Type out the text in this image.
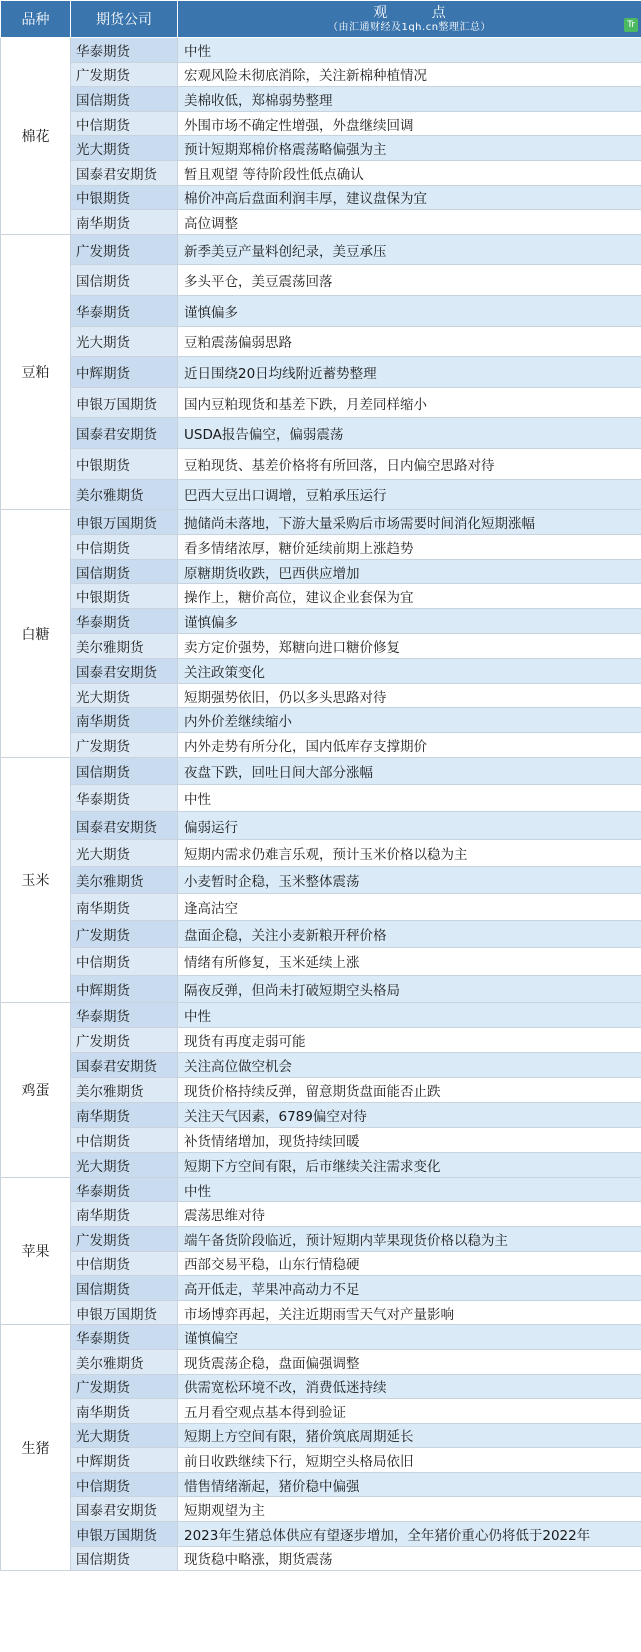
品种	期货公司	观 点
（由汇通财经及1qh.cn整理汇总）

棉花	华泰期货	中性
	广发期货	宏观风险未彻底消除，关注新棉种植情况
	国信期货	美棉收低，郑棉弱势整理
	中信期货	外围市场不确定性增强，外盘继续回调
	光大期货	预计短期郑棉价格震荡略偏强为主
	国泰君安期货	暂且观望 等待阶段性低点确认
	中银期货	棉价冲高后盘面利润丰厚，建议盘保为宜
	南华期货	高位调整
豆粕	广发期货	新季美豆产量料创纪录，美豆承压
	国信期货	多头平仓，美豆震荡回落
	华泰期货	谨慎偏多
	光大期货	豆粕震荡偏弱思路
	中辉期货	近日围绕20日均线附近蓄势整理
	申银万国期货	国内豆粕现货和基差下跌，月差同样缩小
	国泰君安期货	USDA报告偏空，偏弱震荡
	中银期货	豆粕现货、基差价格将有所回落，日内偏空思路对待
	美尔雅期货	巴西大豆出口调增，豆粕承压运行
白糖	申银万国期货	抛储尚未落地，下游大量采购后市场需要时间消化短期涨幅
	中信期货	看多情绪浓厚，糖价延续前期上涨趋势
	国信期货	原糖期货收跌，巴西供应增加
	中银期货	操作上，糖价高位，建议企业套保为宜
	华泰期货	谨慎偏多
	美尔雅期货	卖方定价强势，郑糖向进口糖价修复
	国泰君安期货	关注政策变化
	光大期货	短期强势依旧，仍以多头思路对待
	南华期货	内外价差继续缩小
	广发期货	内外走势有所分化，国内低库存支撑期价
玉米	国信期货	夜盘下跌，回吐日间大部分涨幅
	华泰期货	中性
	国泰君安期货	偏弱运行
	光大期货	短期内需求仍难言乐观，预计玉米价格以稳为主
	美尔雅期货	小麦暂时企稳，玉米整体震荡
	南华期货	逢高沽空
	广发期货	盘面企稳，关注小麦新粮开秤价格
	中信期货	情绪有所修复，玉米延续上涨
	中辉期货	隔夜反弹，但尚未打破短期空头格局
鸡蛋	华泰期货	中性
	广发期货	现货有再度走弱可能
	国泰君安期货	关注高位做空机会
	美尔雅期货	现货价格持续反弹，留意期货盘面能否止跌
	南华期货	关注天气因素，6789偏空对待
	中信期货	补货情绪增加，现货持续回暖
	光大期货	短期下方空间有限，后市继续关注需求变化
苹果	华泰期货	中性
	南华期货	震荡思维对待
	广发期货	端午备货阶段临近，预计短期内苹果现货价格以稳为主
	中信期货	西部交易平稳，山东行情稳硬
	国信期货	高开低走，苹果冲高动力不足
	申银万国期货	市场博弈再起，关注近期雨雪天气对产量影响
生猪	华泰期货	谨慎偏空
	美尔雅期货	现货震荡企稳，盘面偏强调整
	广发期货	供需宽松环境不改，消费低迷持续
	南华期货	五月看空观点基本得到验证
	光大期货	短期上方空间有限，猪价筑底周期延长
	中辉期货	前日收跌继续下行，短期空头格局依旧
	中信期货	惜售情绪渐起，猪价稳中偏强
	国泰君安期货	短期观望为主
	申银万国期货	2023年生猪总体供应有望逐步增加，全年猪价重心仍将低于2022年
	国信期货	现货稳中略涨，期货震荡
Tr
